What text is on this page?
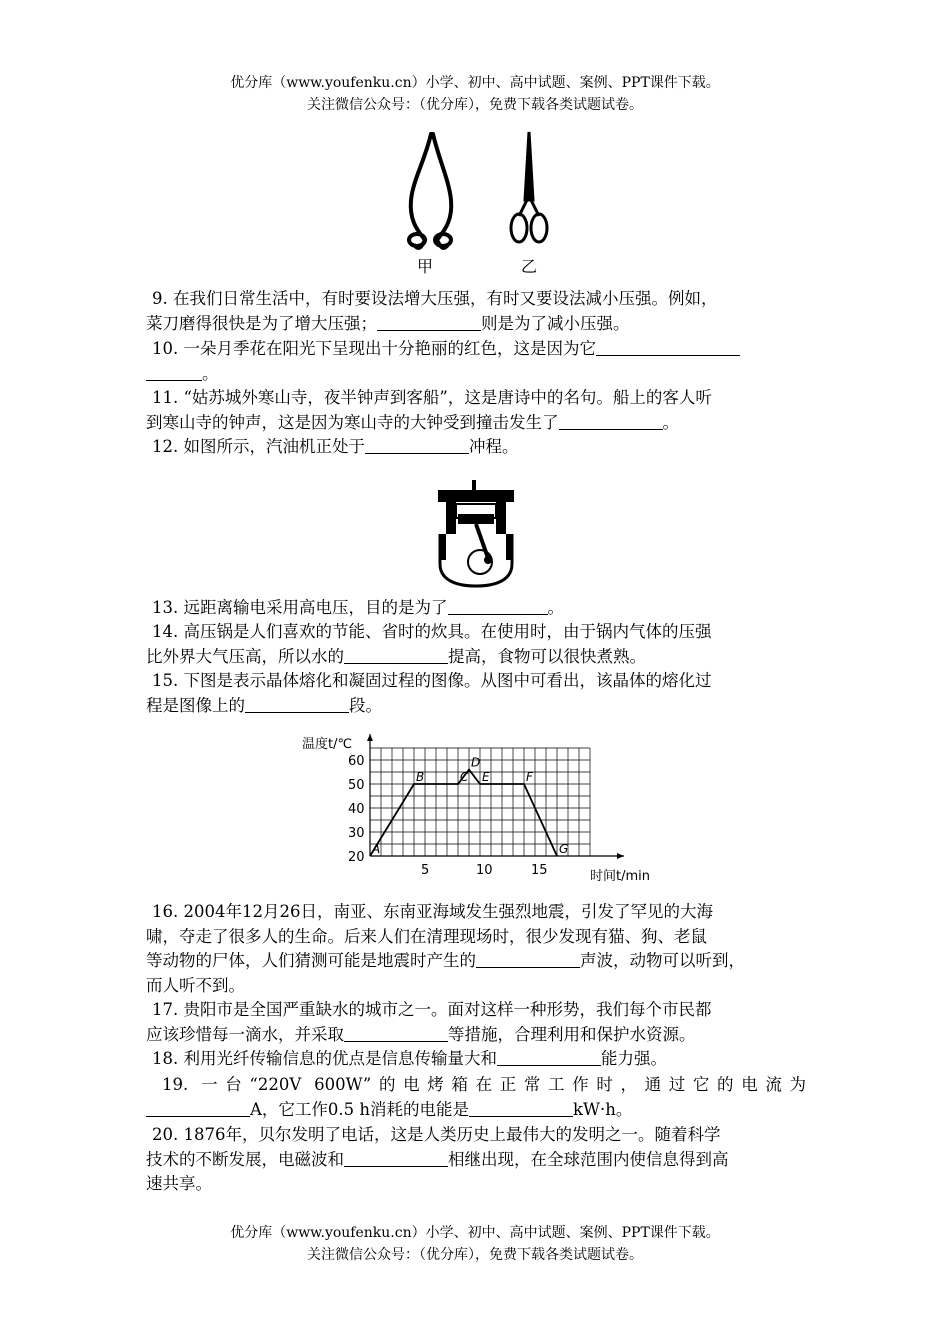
优分库（www.youfenku.cn）小学、初中、高中试题、案例、PPT课件下载。
关注微信公众号：（优分库），免费下载各类试题试卷。
甲	乙
9. 在我们日常生活中，有时要设法增大压强，有时又要设法减小压强。例如，
菜刀磨得很快是为了增大压强；	则是为了减小压强。
10. 一朵月季花在阳光下呈现出十分艳丽的红色，这是因为它
。
11. “姑苏城外寒山寺，夜半钟声到客船”，这是唐诗中的名句。船上的客人听
到寒山寺的钟声，这是因为寒山寺的大钟受到撞击发生了	。
12. 如图所示，汽油机正处于	冲程。
13. 远距离输电采用高电压，目的是为了	。
14. 高压锅是人们喜欢的节能、省时的炊具。在使用时，由于锅内气体的压强
比外界大气压高，所以水的	提高，食物可以很快煮熟。
15. 下图是表示晶体熔化和凝固过程的图像。从图中可看出，该晶体的熔化过
程是图像上的	段。
20
30
40
50
60
5	10	15
A
B	C
D
E	F
G
温度t/℃
时间t/min
16. 2004年12月26日，南亚、东南亚海域发生强烈地震，引发了罕见的大海
啸，夺走了很多人的生命。后来人们在清理现场时，很少发现有猫、狗、老鼠
等动物的尸体，人们猜测可能是地震时产生的	声波，动物可以听到，
而人听不到。
17. 贵阳市是全国严重缺水的城市之一。面对这样一种形势，我们每个市民都
应该珍惜每一滴水，并采取	等措施，合理利用和保护水资源。
18. 利用光纤传输信息的优点是信息传输量大和	能力强。
19. 一台“220V 600W”的电烤箱在正常工作时，通过它的电流为
A，它工作0.5 h消耗的电能是	kW·h。
20. 1876年，贝尔发明了电话，这是人类历史上最伟大的发明之一。随着科学
技术的不断发展，电磁波和	相继出现，在全球范围内使信息得到高
速共享。
优分库（www.youfenku.cn）小学、初中、高中试题、案例、PPT课件下载。
关注微信公众号：（优分库），免费下载各类试题试卷。
